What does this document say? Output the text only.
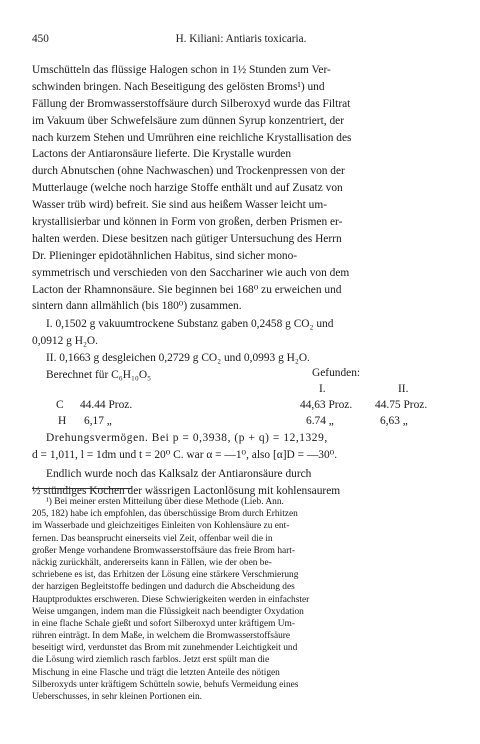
450	H. Kiliani: Antiaris toxicaria.
Umschütteln das flüssige Halogen schon in 1½ Stunden zum Ver-
schwinden bringen. Nach Beseitigung des gelösten Broms¹) und
Fällung der Bromwasserstoffsäure durch Silberoxyd wurde das Filtrat
im Vakuum über Schwefelsäure zum dünnen Syrup konzentriert, der
nach kurzem Stehen und Umrühren eine reichliche Krystallisation des
Lactons der Antiaronsäure lieferte. Die Krystalle wurden
durch Abnutschen (ohne Nachwaschen) und Trockenpressen von der
Mutterlauge (welche noch harzige Stoffe enthält und auf Zusatz von
Wasser trüb wird) befreit. Sie sind aus heißem Wasser leicht um-
krystallisierbar und können in Form von großen, derben Prismen er-
halten werden. Diese besitzen nach gütiger Untersuchung des Herrn
Dr. Plieninger epidotähnlichen Habitus, sind sicher mono-
symmetrisch und verschieden von den Sacchariner wie auch von dem
Lacton der Rhamnonsäure. Sie beginnen bei 168⁰ zu erweichen und
sintern dann allmählich (bis 180⁰) zusammen.
I. 0,1502 g vakuumtrockene Substanz gaben 0,2458 g CO₂ und
0,0912 g H₂O.
II. 0,1663 g desgleichen 0,2729 g CO₂ und 0,0993 g H₂O.
Berechnet für C₆H₁₀O₅	Gefunden:
I.	II.
C 44.44 Proz.	44,63 Proz. 44.75 Proz.
H 6,17 „	6.74 „	6,63 „
Drehungsvermögen. Bei p = 0,3938, (p + q) = 12,1329,
d = 1,011, l = 1dm und t = 20⁰ C. war α = —1⁰, also [α]D = —30⁰.
Endlich wurde noch das Kalksalz der Antiaronsäure durch
½ stündiges Kochen der wässrigen Lactonlösung mit kohlensaurem
¹) Bei meiner ersten Mitteilung über diese Methode (Lieb. Ann.
205, 182) habe ich empfohlen, das überschüssige Brom durch Erhitzen
im Wasserbade und gleichzeitiges Einleiten von Kohlensäure zu ent-
fernen. Das beansprucht einerseits viel Zeit, offenbar weil die in
großer Menge vorhandene Bromwasserstoffsäure das freie Brom hart-
näckig zurückhält, andererseits kann in Fällen, wie der oben be-
schriebene es ist, das Erhitzen der Lösung eine stärkere Verschmierung
der harzigen Begleitstoffe bedingen und dadurch die Abscheidung des
Hauptproduktes erschweren. Diese Schwierigkeiten werden in einfachster
Weise umgangen, indem man die Flüssigkeit nach beendigter Oxydation
in eine flache Schale gießt und sofort Silberoxyd unter kräftigem Um-
rühren einträgt. In dem Maße, in welchem die Bromwasserstoffsäure
beseitigt wird, verdunstet das Brom mit zunehmender Leichtigkeit und
die Lösung wird ziemlich rasch farblos. Jetzt erst spült man die
Mischung in eine Flasche und trägt die letzten Anteile des nötigen
Silberoxyds unter kräftigem Schütteln sowie, behufs Vermeidung eines
Ueberschusses, in sehr kleinen Portionen ein.
